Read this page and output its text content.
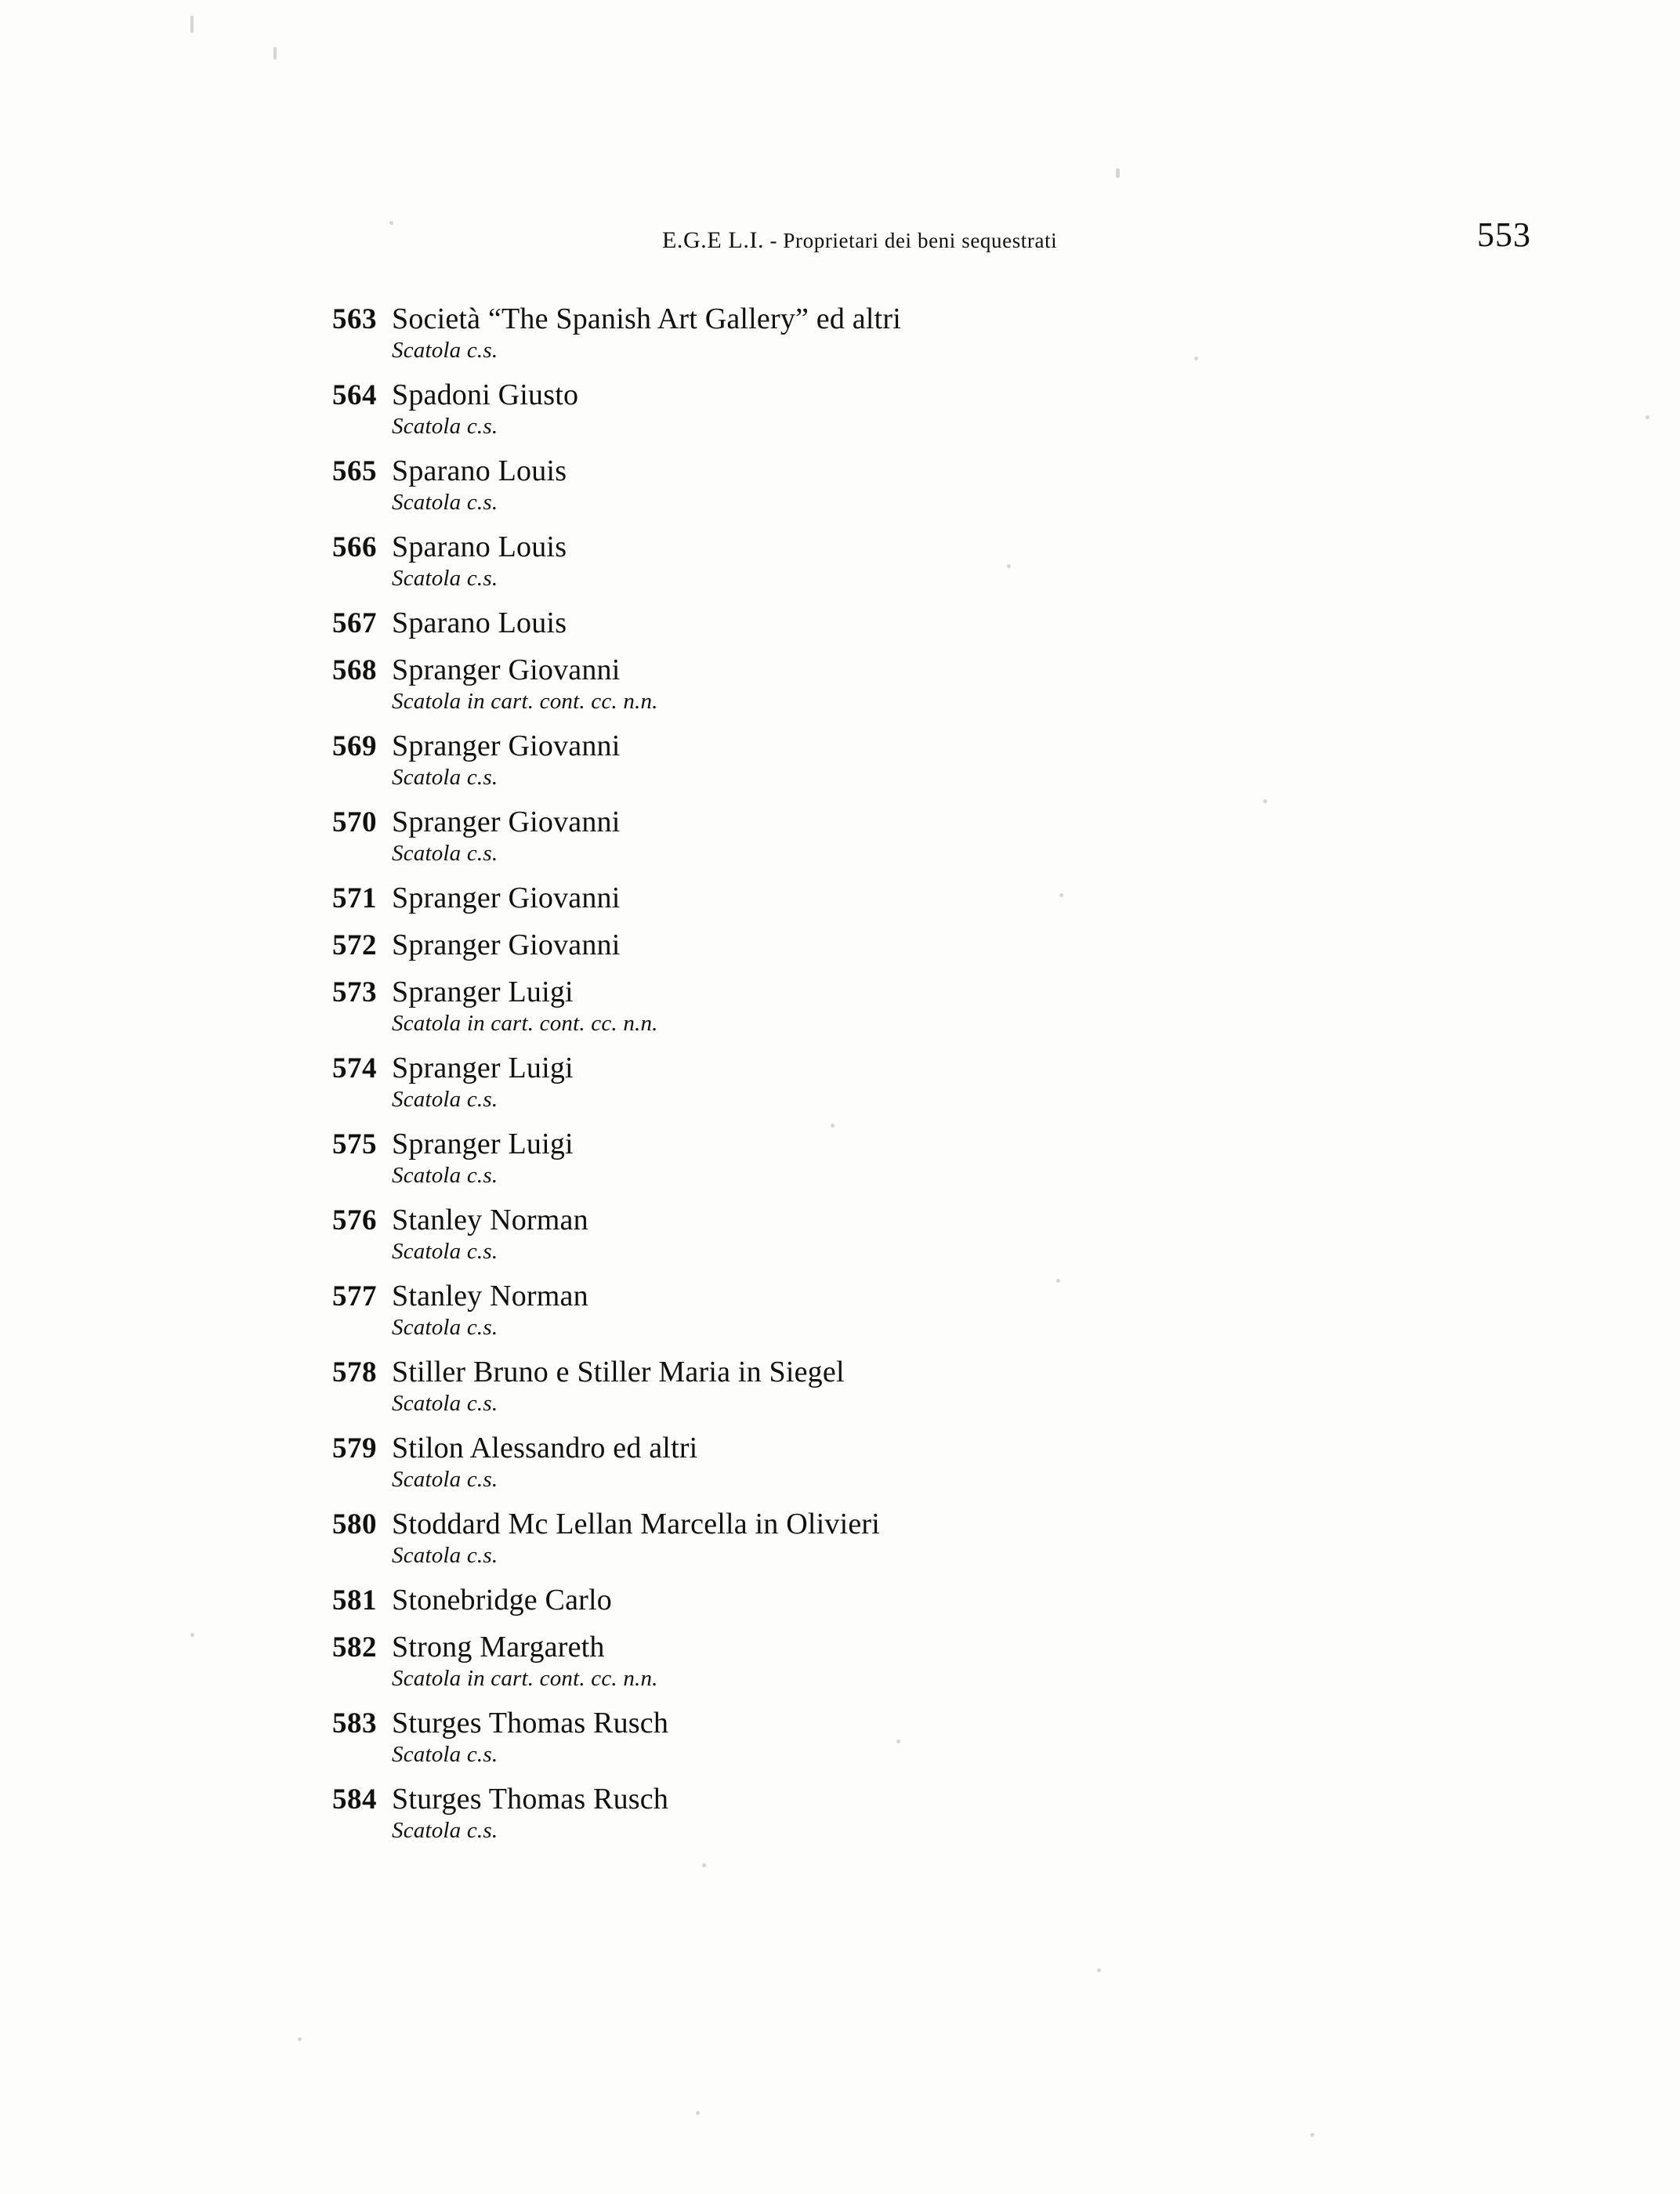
E.G.E L.I. - Proprietari dei beni sequestrati	553
563 Società “The Spanish Art Gallery” ed altri
Scatola c.s.
564 Spadoni Giusto
Scatola c.s.
565 Sparano Louis
Scatola c.s.
566 Sparano Louis
Scatola c.s.
567 Sparano Louis
568 Spranger Giovanni
Scatola in cart. cont. cc. n.n.
569 Spranger Giovanni
Scatola c.s.
570 Spranger Giovanni
Scatola c.s.
571 Spranger Giovanni
572 Spranger Giovanni
573 Spranger Luigi
Scatola in cart. cont. cc. n.n.
574 Spranger Luigi
Scatola c.s.
575 Spranger Luigi
Scatola c.s.
576 Stanley Norman
Scatola c.s.
577 Stanley Norman
Scatola c.s.
578 Stiller Bruno e Stiller Maria in Siegel
Scatola c.s.
579 Stilon Alessandro ed altri
Scatola c.s.
580 Stoddard Mc Lellan Marcella in Olivieri
Scatola c.s.
581 Stonebridge Carlo
582 Strong Margareth
Scatola in cart. cont. cc. n.n.
583 Sturges Thomas Rusch
Scatola c.s.
584 Sturges Thomas Rusch
Scatola c.s.
